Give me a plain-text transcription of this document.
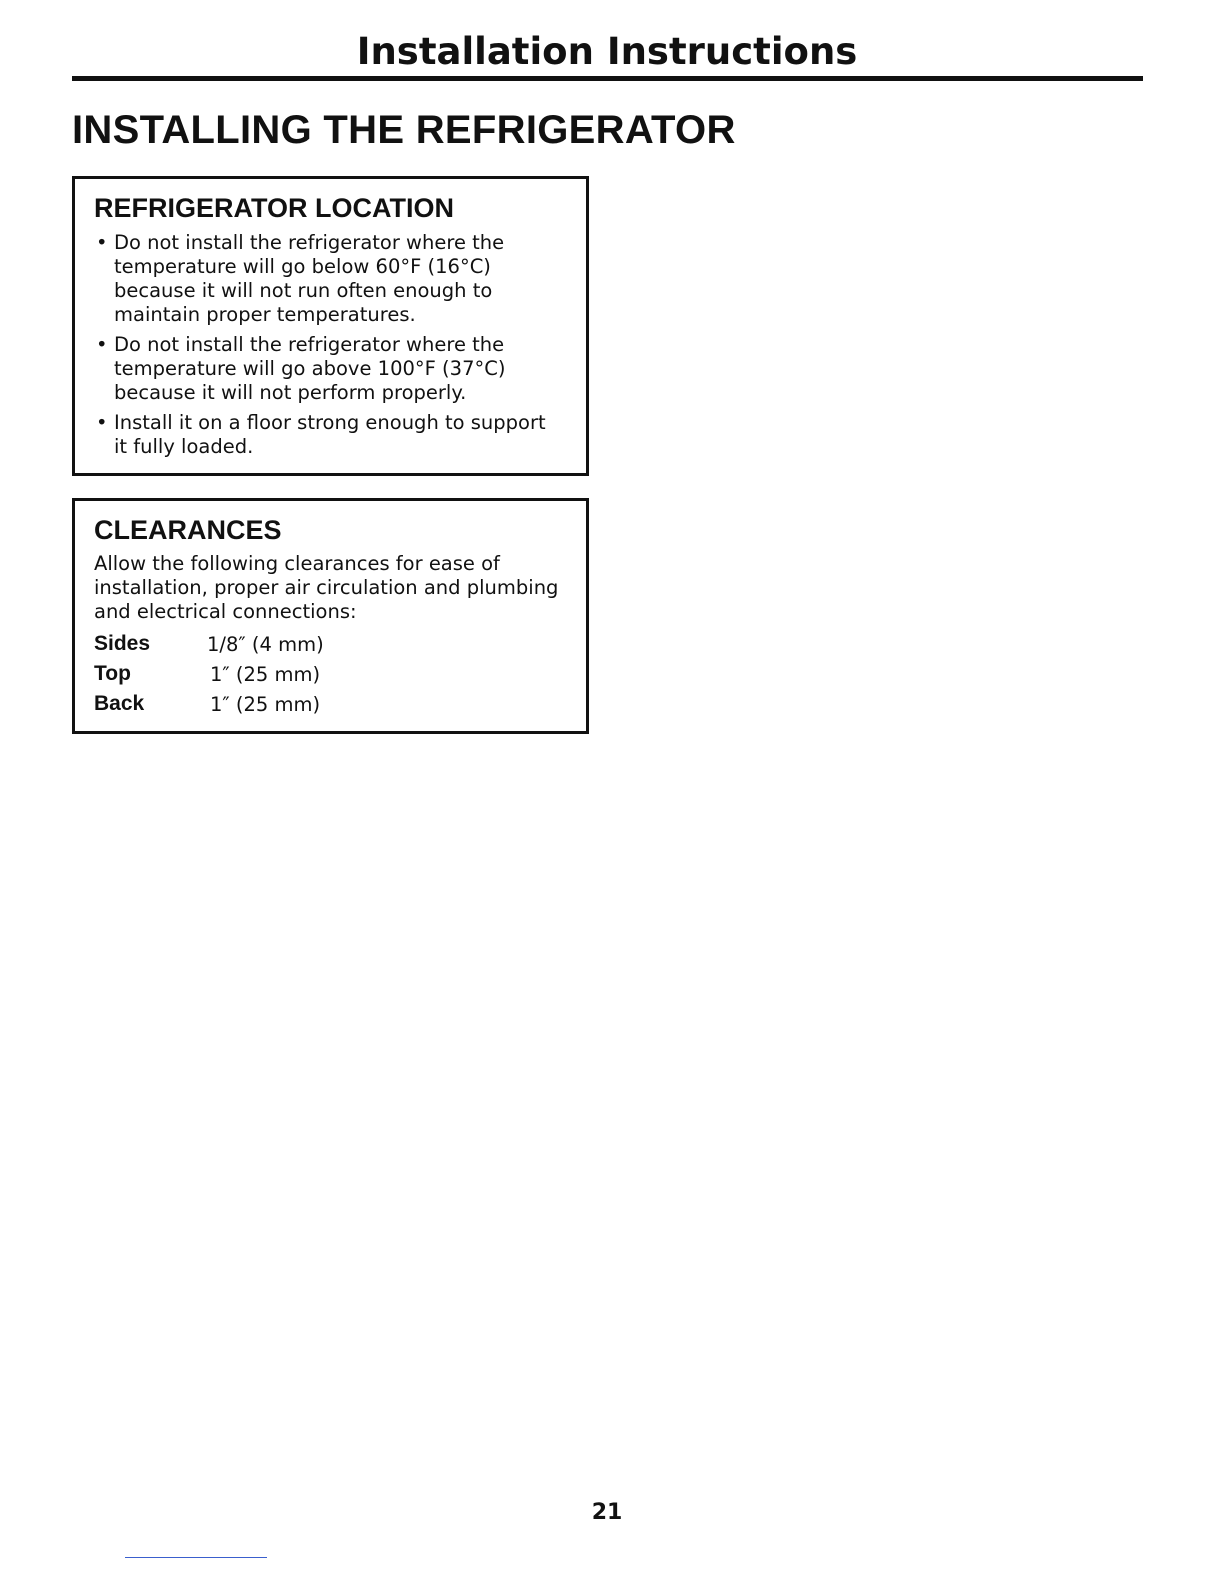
Installation Instructions
INSTALLING THE REFRIGERATOR
REFRIGERATOR LOCATION
• Do not install the refrigerator where the temperature will go below 60°F (16°C) because it will not run often enough to maintain proper temperatures.
• Do not install the refrigerator where the temperature will go above 100°F (37°C) because it will not perform properly.
• Install it on a floor strong enough to support it fully loaded.
CLEARANCES

Allow the following clearances for ease of installation, proper air circulation and plumbing and electrical connections:

Sides	1/8″ (4 mm)
Top	1″ (25 mm)
Back	1″ (25 mm)
21
